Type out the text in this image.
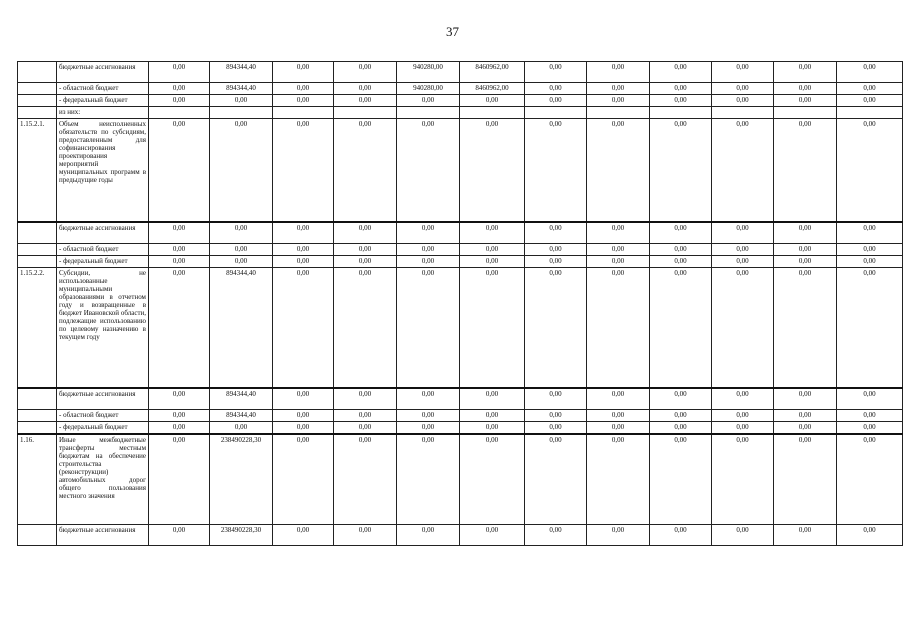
37
	бюджетные ассигнования	0,00	894344,40	0,00	0,00	940280,00	8460962,00	0,00	0,00	0,00	0,00	0,00	0,00
	- областной бюджет	0,00	894344,40	0,00	0,00	940280,00	8460962,00	0,00	0,00	0,00	0,00	0,00	0,00
	- федеральный бюджет	0,00	0,00	0,00	0,00	0,00	0,00	0,00	0,00	0,00	0,00	0,00	0,00
	из них:												
1.15.2.1.	Объем неисполненных обязательств по субсидиям, предоставленным для софинансирования проектирования мероприятий муниципальных программ в предыдущие годы	0,00	0,00	0,00	0,00	0,00	0,00	0,00	0,00	0,00	0,00	0,00	0,00
	бюджетные ассигнования	0,00	0,00	0,00	0,00	0,00	0,00	0,00	0,00	0,00	0,00	0,00	0,00
	- областной бюджет	0,00	0,00	0,00	0,00	0,00	0,00	0,00	0,00	0,00	0,00	0,00	0,00
	- федеральный бюджет	0,00	0,00	0,00	0,00	0,00	0,00	0,00	0,00	0,00	0,00	0,00	0,00
1.15.2.2.	Субсидии, не использованные муниципальными образованиями в отчетном году и возвращенные в бюджет Ивановской области, подлежащие использованию по целевому назначению в текущем году	0,00	894344,40	0,00	0,00	0,00	0,00	0,00	0,00	0,00	0,00	0,00	0,00
	бюджетные ассигнования	0,00	894344,40	0,00	0,00	0,00	0,00	0,00	0,00	0,00	0,00	0,00	0,00
	- областной бюджет	0,00	894344,40	0,00	0,00	0,00	0,00	0,00	0,00	0,00	0,00	0,00	0,00
	- федеральный бюджет	0,00	0,00	0,00	0,00	0,00	0,00	0,00	0,00	0,00	0,00	0,00	0,00
1.16.	Иные межбюджетные трансферты местным бюджетам на обеспечение строительства (реконструкции) автомобильных дорог общего пользования местного значения	0,00	238490228,30	0,00	0,00	0,00	0,00	0,00	0,00	0,00	0,00	0,00	0,00
	бюджетные ассигнования	0,00	238490228,30	0,00	0,00	0,00	0,00	0,00	0,00	0,00	0,00	0,00	0,00
